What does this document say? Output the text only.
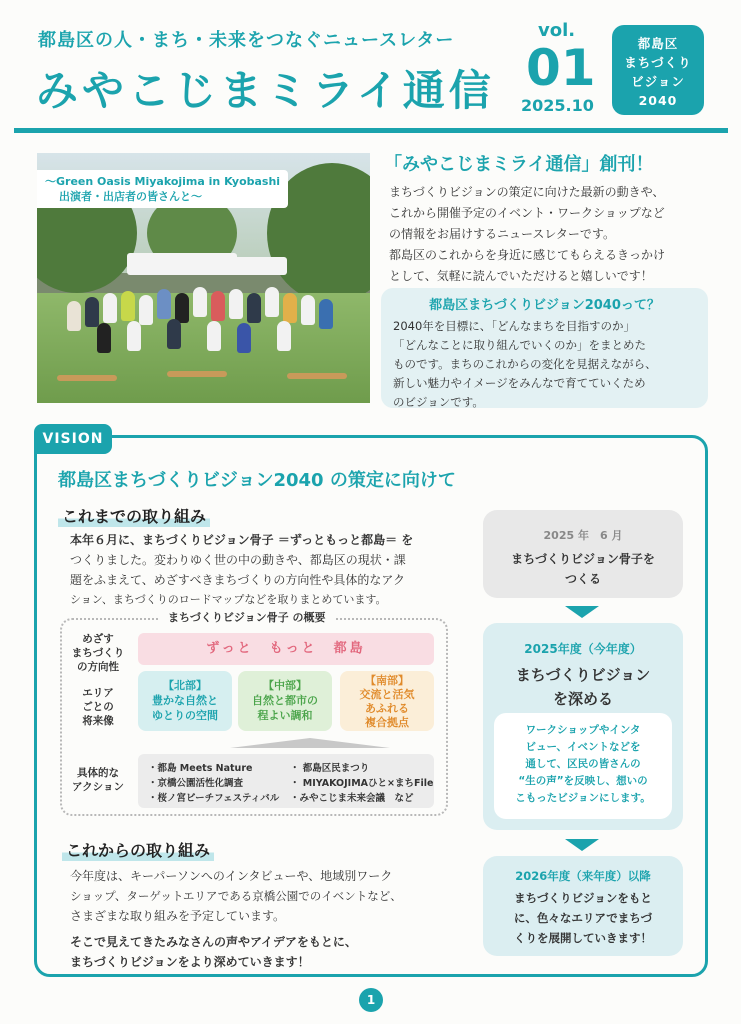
都島区の人・まち・未来をつなぐニュースレター
みやこじまミライ通信
vol.
01
2025.10
都島区
まちづくり
ビジョン
2040
〜Green Oasis Miyakojima in Kyobashi
出演者・出店者の皆さんと〜
「みやこじまミライ通信」創刊！
まちづくりビジョンの策定に向けた最新の動きや、
これから開催予定のイベント・ワークショップなど
の情報をお届けするニュースレターです。
都島区のこれからを身近に感じてもらえるきっかけ
として、気軽に読んでいただけると嬉しいです！
都島区まちづくりビジョン2040って？
2040年を目標に、「どんなまちを目指すのか」
「どんなことに取り組んでいくのか」をまとめた
ものです。まちのこれからの変化を見据えながら、
新しい魅力やイメージをみんなで育てていくため
のビジョンです。
VISION
都島区まちづくりビジョン2040 の策定に向けて
これまでの取り組み
本年６月に、まちづくりビジョン骨子 ＝ずっともっと都島＝ を
つくりました。変わりゆく世の中の動きや、都島区の現状・課
題をふまえて、めざすべきまちづくりの方向性や具体的なアク
ション、まちづくりのロードマップなどを取りまとめています。
まちづくりビジョン骨子 の概要
めざす
まちづくり
の方向性
エリア
ごとの
将来像
具体的な
アクション
ずっと　もっと　都島
【北部】
豊かな自然と
ゆとりの空間
【中部】
自然と都市の
程よい調和
【南部】
交流と活気
あふれる
複合拠点
・都島 Meets Nature
・京橋公園活性化調査
・桜ノ宮ビーチフェスティバル
・ 都島区民まつり
・ MIYAKOJIMAひと×まちFile
・みやこじま未来会議　など
これからの取り組み
今年度は、キーパーソンへのインタビューや、地域別ワーク
ショップ、ターゲットエリアである京橋公園でのイベントなど、
さまざまな取り組みを予定しています。
そこで見えてきたみなさんの声やアイデアをもとに、
まちづくりビジョンをより深めていきます！
2025 年　6 月
まちづくりビジョン骨子を
つくる
2025年度（今年度）
まちづくりビジョン
を深める
ワークショップやインタ
ビュー、イベントなどを
通して、区民の皆さんの
“生の声”を反映し、想いの
こもったビジョンにします。
2026年度（来年度）以降
まちづくりビジョンをもと
に、色々なエリアでまちづ
くりを展開していきます！
1
